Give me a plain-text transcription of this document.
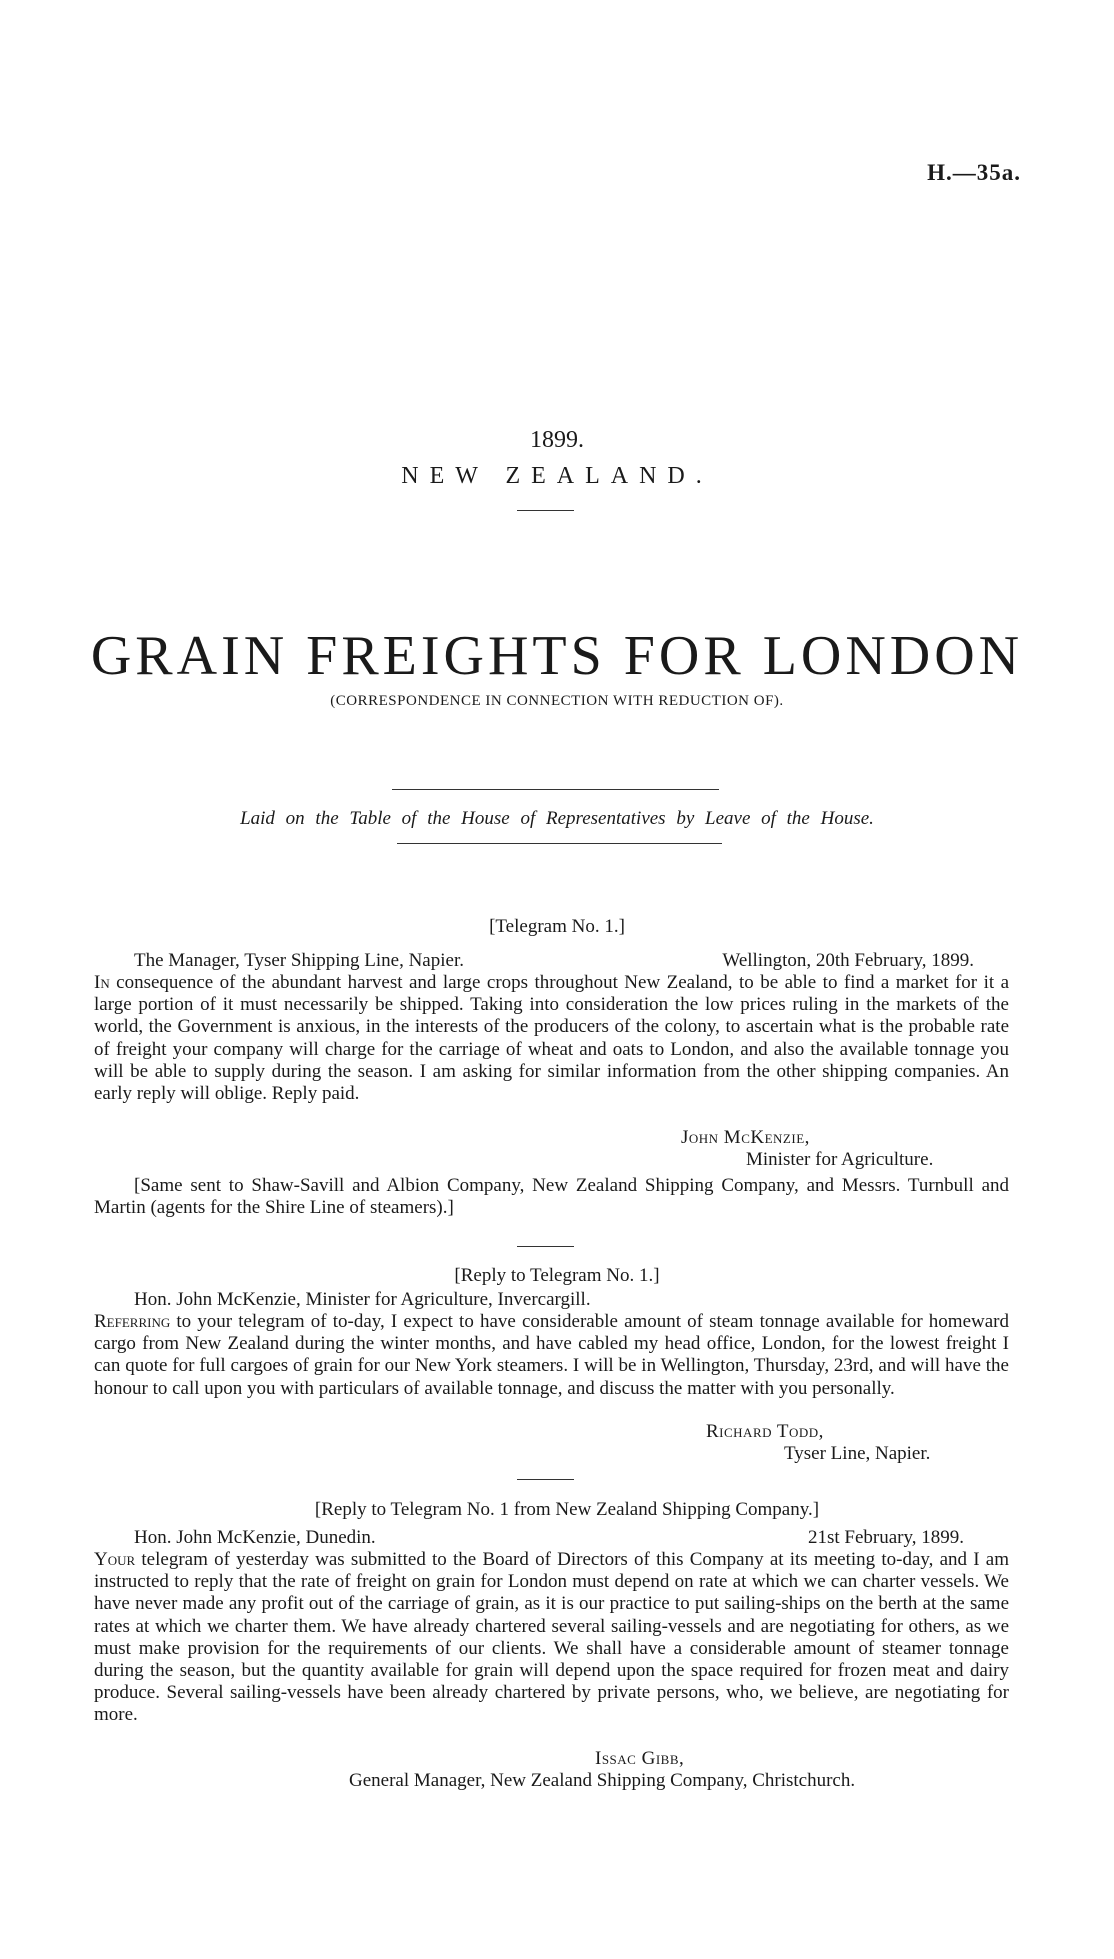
H.—35a.
1899.
NEW ZEALAND.
GRAIN FREIGHTS FOR LONDON
(CORRESPONDENCE IN CONNECTION WITH REDUCTION OF).
Laid on the Table of the House of Representatives by Leave of the House.
[Telegram No. 1.]
The Manager, Tyser Shipping Line, Napier.	Wellington, 20th February, 1899.
In consequence of the abundant harvest and large crops throughout New Zealand, to be able to find a market for it a large portion of it must necessarily be shipped. Taking into consideration the low prices ruling in the markets of the world, the Government is anxious, in the interests of the producers of the colony, to ascertain what is the probable rate of freight your company will charge for the carriage of wheat and oats to London, and also the available tonnage you will be able to supply during the season. I am asking for similar information from the other shipping companies. An early reply will oblige. Reply paid.
John McKenzie,
Minister for Agriculture.
[Same sent to Shaw-Savill and Albion Company, New Zealand Shipping Company, and Messrs. Turnbull and Martin (agents for the Shire Line of steamers).]
[Reply to Telegram No. 1.]
Hon. John McKenzie, Minister for Agriculture, Invercargill.
Referring to your telegram of to-day, I expect to have considerable amount of steam tonnage available for homeward cargo from New Zealand during the winter months, and have cabled my head office, London, for the lowest freight I can quote for full cargoes of grain for our New York steamers. I will be in Wellington, Thursday, 23rd, and will have the honour to call upon you with particulars of available tonnage, and discuss the matter with you personally.
Richard Todd,
Tyser Line, Napier.
[Reply to Telegram No. 1 from New Zealand Shipping Company.]
Hon. John McKenzie, Dunedin.	21st February, 1899.
Your telegram of yesterday was submitted to the Board of Directors of this Company at its meeting to-day, and I am instructed to reply that the rate of freight on grain for London must depend on rate at which we can charter vessels. We have never made any profit out of the carriage of grain, as it is our practice to put sailing-ships on the berth at the same rates at which we charter them. We have already chartered several sailing-vessels and are negotiating for others, as we must make provision for the requirements of our clients. We shall have a considerable amount of steamer tonnage during the season, but the quantity available for grain will depend upon the space required for frozen meat and dairy produce. Several sailing-vessels have been already chartered by private persons, who, we believe, are negotiating for more.
Issac Gibb,
General Manager, New Zealand Shipping Company, Christchurch.
